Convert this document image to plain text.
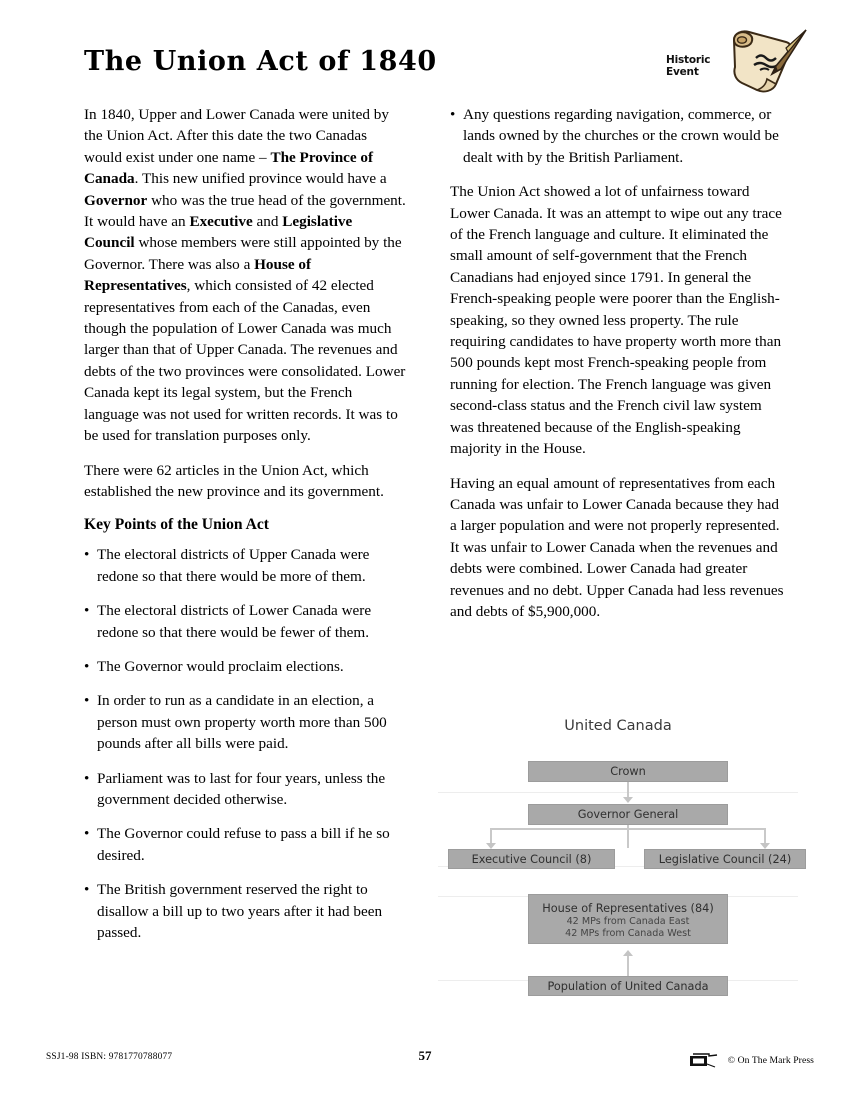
The Union Act of 1840	Historic
Event

In 1840, Upper and Lower Canada were united by the Union Act. After this date the two Canadas would exist under one name – The Province of Canada. This new unified province would have a Governor who was the true head of the government. It would have an Executive and Legislative Council whose members were still appointed by the Governor. There was also a House of Representatives, which consisted of 42 elected representatives from each of the Canadas, even though the population of Lower Canada was much larger than that of Upper Canada. The revenues and debts of the two provinces were consolidated. Lower Canada kept its legal system, but the French language was not used for written records. It was to be used for translation purposes only.

There were 62 articles in the Union Act, which established the new province and its government.

Key Points of the Union Act
• The electoral districts of Upper Canada were redone so that there would be more of them.
• The electoral districts of Lower Canada were redone so that there would be fewer of them.
• The Governor would proclaim elections.
• In order to run as a candidate in an election, a person must own property worth more than 500 pounds after all bills were paid.
• Parliament was to last for four years, unless the government decided otherwise.
• The Governor could refuse to pass a bill if he so desired.
• The British government reserved the right to disallow a bill up to two years after it had been passed.
• Any questions regarding navigation, commerce, or lands owned by the churches or the crown would be dealt with by the British Parliament.

The Union Act showed a lot of unfairness toward Lower Canada. It was an attempt to wipe out any trace of the French language and culture. It eliminated the small amount of self-government that the French Canadians had enjoyed since 1791. In general the French-speaking people were poorer than the English-speaking, so they owned less property. The rule requiring candidates to have property worth more than 500 pounds kept most French-speaking people from running for election. The French language was given second-class status and the French civil law system was threatened because of the English-speaking majority in the House.

Having an equal amount of representatives from each Canada was unfair to Lower Canada because they had a larger population and were not properly represented. It was unfair to Lower Canada when the revenues and debts were combined. Lower Canada had greater revenues and no debt. Upper Canada had less revenues and debts of $5,900,000.

United Canada
Crown
Governor General
Executive Council (8)	Legislative Council (24)
House of Representatives (84)
42 MPs from Canada East
42 MPs from Canada West
Population of United Canada
SSJ1-98 ISBN: 9781770788077	57	© On The Mark Press
